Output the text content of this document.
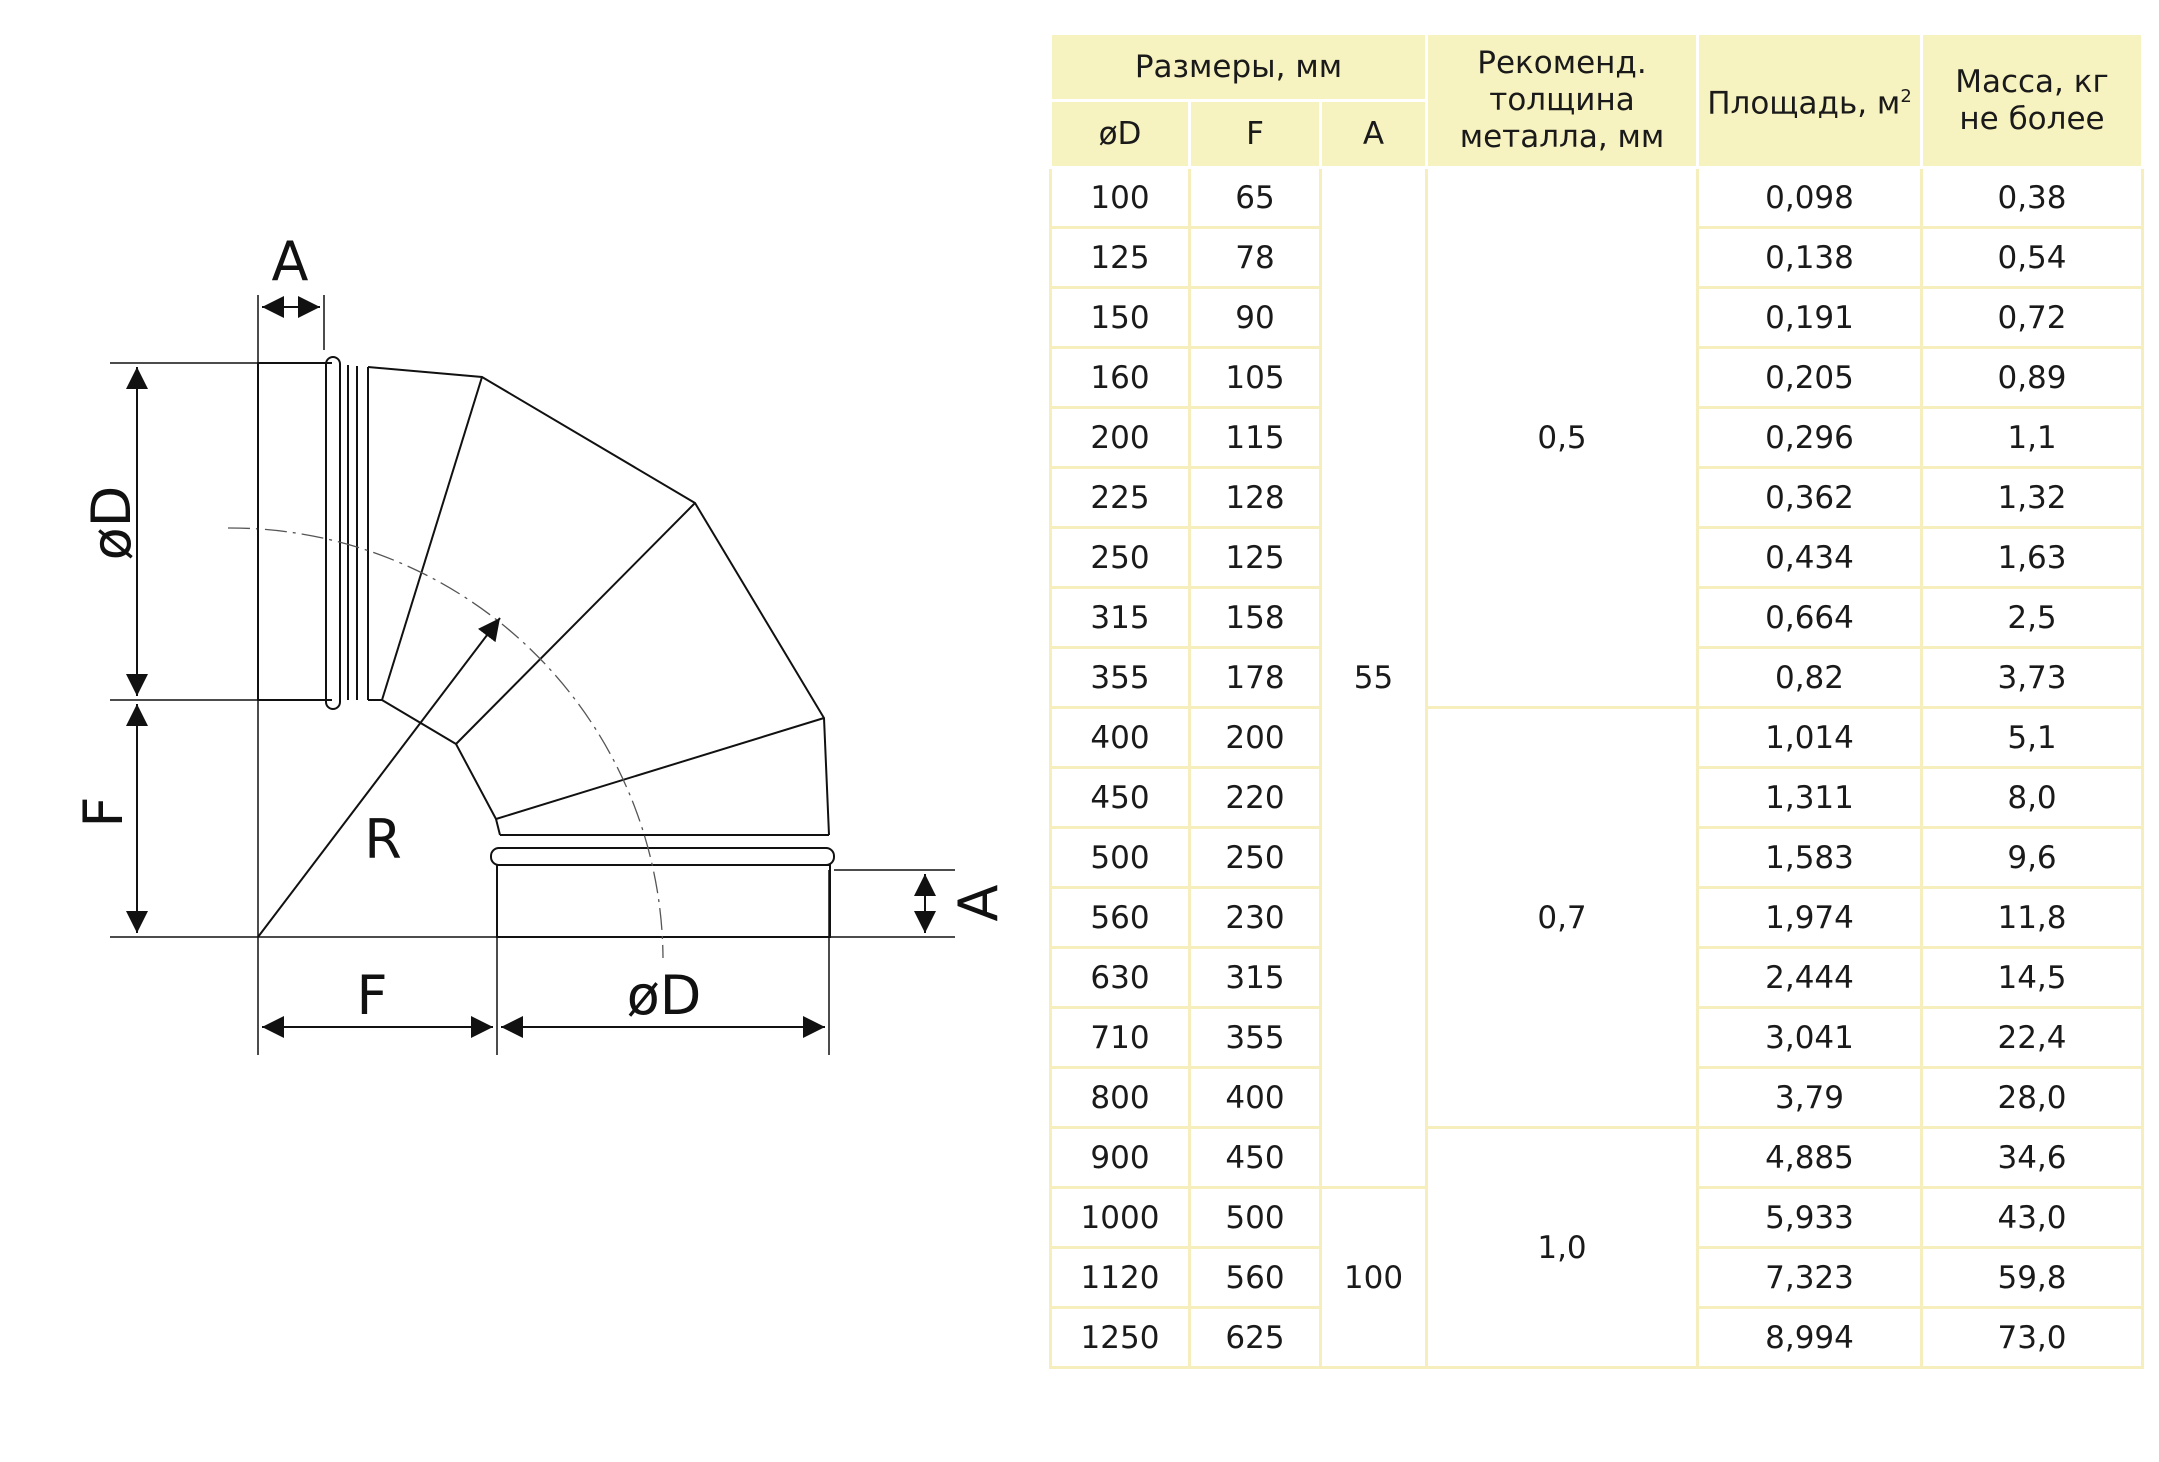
A
øD
F	R
F	øD
A
Размеры, мм			Рекоменд.
толщина
металла, мм	Площадь, $м^2$	Масса, кг
не более
øD	F	A			
100	65	55	0,5	0,098	0,38
125	78			0,138	0,54
150	90			0,191	0,72
160	105			0,205	0,89
200	115			0,296	1,1
225	128			0,362	1,32
250	125			0,434	1,63
315	158			0,664	2,5
355	178			0,82	3,73
400	200		0,7	1,014	5,1
450	220			1,311	8,0
500	250			1,583	9,6
560	230			1,974	11,8
630	315			2,444	14,5
710	355			3,041	22,4
800	400			3,79	28,0
900	450		1,0	4,885	34,6
1000	500	100		5,933	43,0
1120	560			7,323	59,8
1250	625			8,994	73,0
